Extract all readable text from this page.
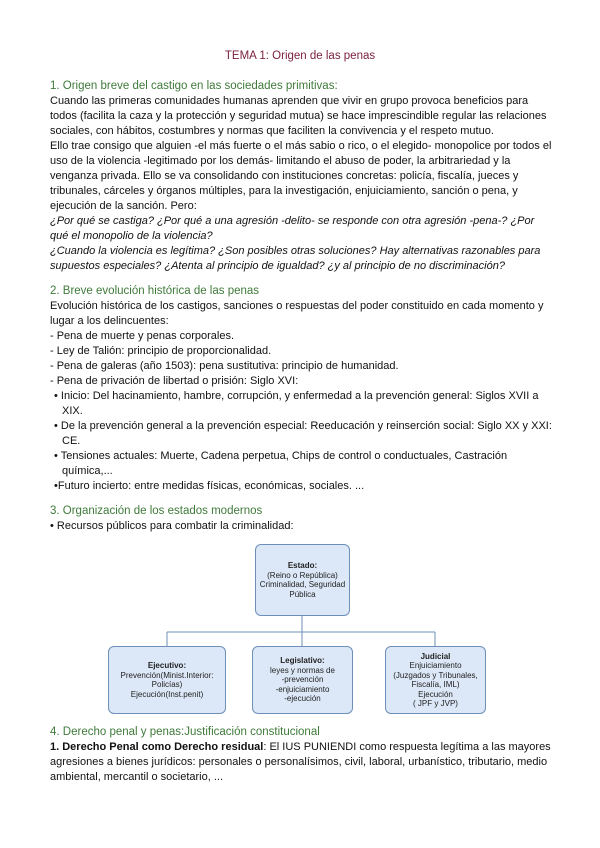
TEMA 1: Origen de las penas
1. Origen breve del castigo en las sociedades primitivas:

Cuando las primeras comunidades humanas aprenden que vivir en grupo provoca beneficios para todos (facilita la caza y la protección y seguridad mutua) se hace imprescindible regular las relaciones sociales, con hábitos, costumbres y normas que faciliten la convivencia y el respeto mutuo.

Ello trae consigo que alguien -el más fuerte o el más sabio o rico, o el elegido- monopolice por todos el uso de la violencia -legitimado por los demás- limitando el abuso de poder, la arbitrariedad y la venganza privada. Ello se va consolidando con instituciones concretas: policía, fiscalía, jueces y tribunales, cárceles y órganos múltiples, para la investigación, enjuiciamiento, sanción o pena, y ejecución de la sanción. Pero:

¿Por qué se castiga? ¿Por qué a una agresión -delito- se responde con otra agresión -pena-? ¿Por qué el monopolio de la violencia?

¿Cuando la violencia es legítima? ¿Son posibles otras soluciones? Hay alternativas razonables para supuestos especiales? ¿Atenta al principio de igualdad? ¿y al principio de no discriminación?

2. Breve evolución histórica de las penas

Evolución histórica de los castigos, sanciones o respuestas del poder constituido en cada momento y lugar a los delincuentes:

- Pena de muerte y penas corporales.

- Ley de Talión: principio de proporcionalidad.

- Pena de galeras (año 1503): pena sustitutiva: principio de humanidad.

- Pena de privación de libertad o prisión: Siglo XVI:

• Inicio: Del hacinamiento, hambre, corrupción, y enfermedad a la prevención general: Siglos XVII a XIX.

• De la prevención general a la prevención especial: Reeducación y reinserción social: Siglo XX y XXI: CE.

• Tensiones actuales: Muerte, Cadena perpetua, Chips de control o conductuales, Castración química,...

•Futuro incierto: entre medidas físicas, económicas, sociales. ...

3. Organización de los estados modernos

• Recursos públicos para combatir la criminalidad:

Estado:
(Reino o República)
Criminalidad, Seguridad
Pública
Ejecutivo:
Prevención(Minist.Interior:
Policías)
Ejecución(Inst.penit)
Legislativo:
leyes y normas de
-prevención
-enjuiciamiento
-ejecución
Judicial
Enjuiciamiento
(Juzgados y Tribunales,
Fiscalía, IML)
Ejecución
( JPF y JVP)
4. Derecho penal y penas:Justificación constitucional

1. Derecho Penal como Derecho residual: El IUS PUNIENDI como respuesta legítima a las mayores agresiones a bienes jurídicos: personales o personalísimos, civil, laboral, urbanístico, tributario, medio ambiental, mercantil o societario, ...
